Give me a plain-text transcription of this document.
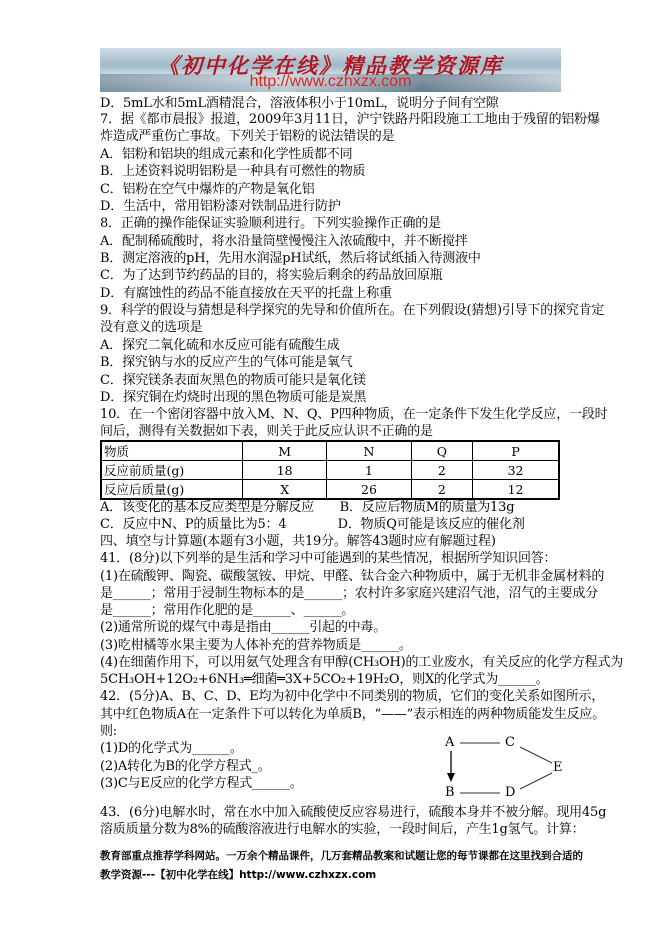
《初中化学在线》精品教学资源库
http://www.czhxzx.com
D．5mL水和5mL酒精混合，溶液体积小于10mL，说明分子间有空隙
7．据《都市晨报》报道，2009年3月11日，沪宁铁路丹阳段施工工地由于残留的铝粉爆
炸造成严重伤亡事故。下列关于铝粉的说法错误的是
A．铝粉和铝块的组成元素和化学性质都不同
B．上述资料说明铝粉是一种具有可燃性的物质
C．铝粉在空气中爆炸的产物是氧化铝
D．生活中，常用铝粉漆对铁制品进行防护
8．正确的操作能保证实验顺利进行。下列实验操作正确的是
A．配制稀硫酸时，将水沿量筒壁慢慢注入浓硫酸中，并不断搅拌
B．测定溶液的pH，先用水润湿pH试纸，然后将试纸插入待测液中
C．为了达到节约药品的目的，将实验后剩余的药品放回原瓶
D．有腐蚀性的药品不能直接放在天平的托盘上称重
9．科学的假设与猜想是科学探究的先导和价值所在。在下列假设(猜想)引导下的探究肯定
没有意义的选项是
A．探究二氧化硫和水反应可能有硫酸生成
B．探究钠与水的反应产生的气体可能是氧气
C．探究镁条表面灰黑色的物质可能只是氧化镁
D．探究铜在灼烧时出现的黑色物质可能是炭黑
10．在一个密闭容器中放入M、N、Q、P四种物质，在一定条件下发生化学反应，一段时
间后，测得有关数据如下表，则关于此反应认识不正确的是
A．该变化的基本反应类型是分解反应　　B．反应后物质M的质量为13g
C．反应中N、P的质量比为5：4　　　　D．物质Q可能是该反应的催化剂
四、填空与计算题(本题有3小题，共19分。解答43题时应有解题过程)
41．(8分)以下列举的是生活和学习中可能遇到的某些情况，根据所学知识回答：
(1)在硫酸钾、陶瓷、碳酸氢铵、甲烷、甲醛、钛合金六种物质中，属于无机非金属材料的
是______；常用于浸制生物标本的是______；农村许多家庭兴建沼气池，沼气的主要成分
是______；常用作化肥的是______、______。
(2)通常所说的煤气中毒是指由______引起的中毒。
(3)吃柑橘等水果主要为人体补充的营养物质是______。
(4)在细菌作用下，可以用氨气处理含有甲醇(CH₃OH)的工业废水，有关反应的化学方程式为
5CH₃OH+12O₂+6NH₃═细菌═3X+5CO₂+19H₂O，则X的化学式为______。
42．(5分)A、B、C、D、E均为初中化学中不同类别的物质，它们的变化关系如图所示，
其中红色物质A在一定条件下可以转化为单质B，“——”表示相连的两种物质能发生反应。
则:
(1)D的化学式为______。
(2)A转化为B的化学方程式_。
(3)C与E反应的化学方程式______。
43．(6分)电解水时，常在水中加入硫酸使反应容易进行，硫酸本身并不被分解。现用45g
溶质质量分数为8%的硫酸溶液进行电解水的实验，一段时间后，产生1g氢气。计算：
物质	M	N	Q	P
反应前质量(g)	18	1	2	32
反应后质量(g)	X	26	2	12
A
B
C
D
E
教育部重点推荐学科网站。一万余个精品课件，几万套精品教案和试题让您的每节课都在这里找到合适的
教学资源---【初中化学在线】http://www.czhxzx.com
